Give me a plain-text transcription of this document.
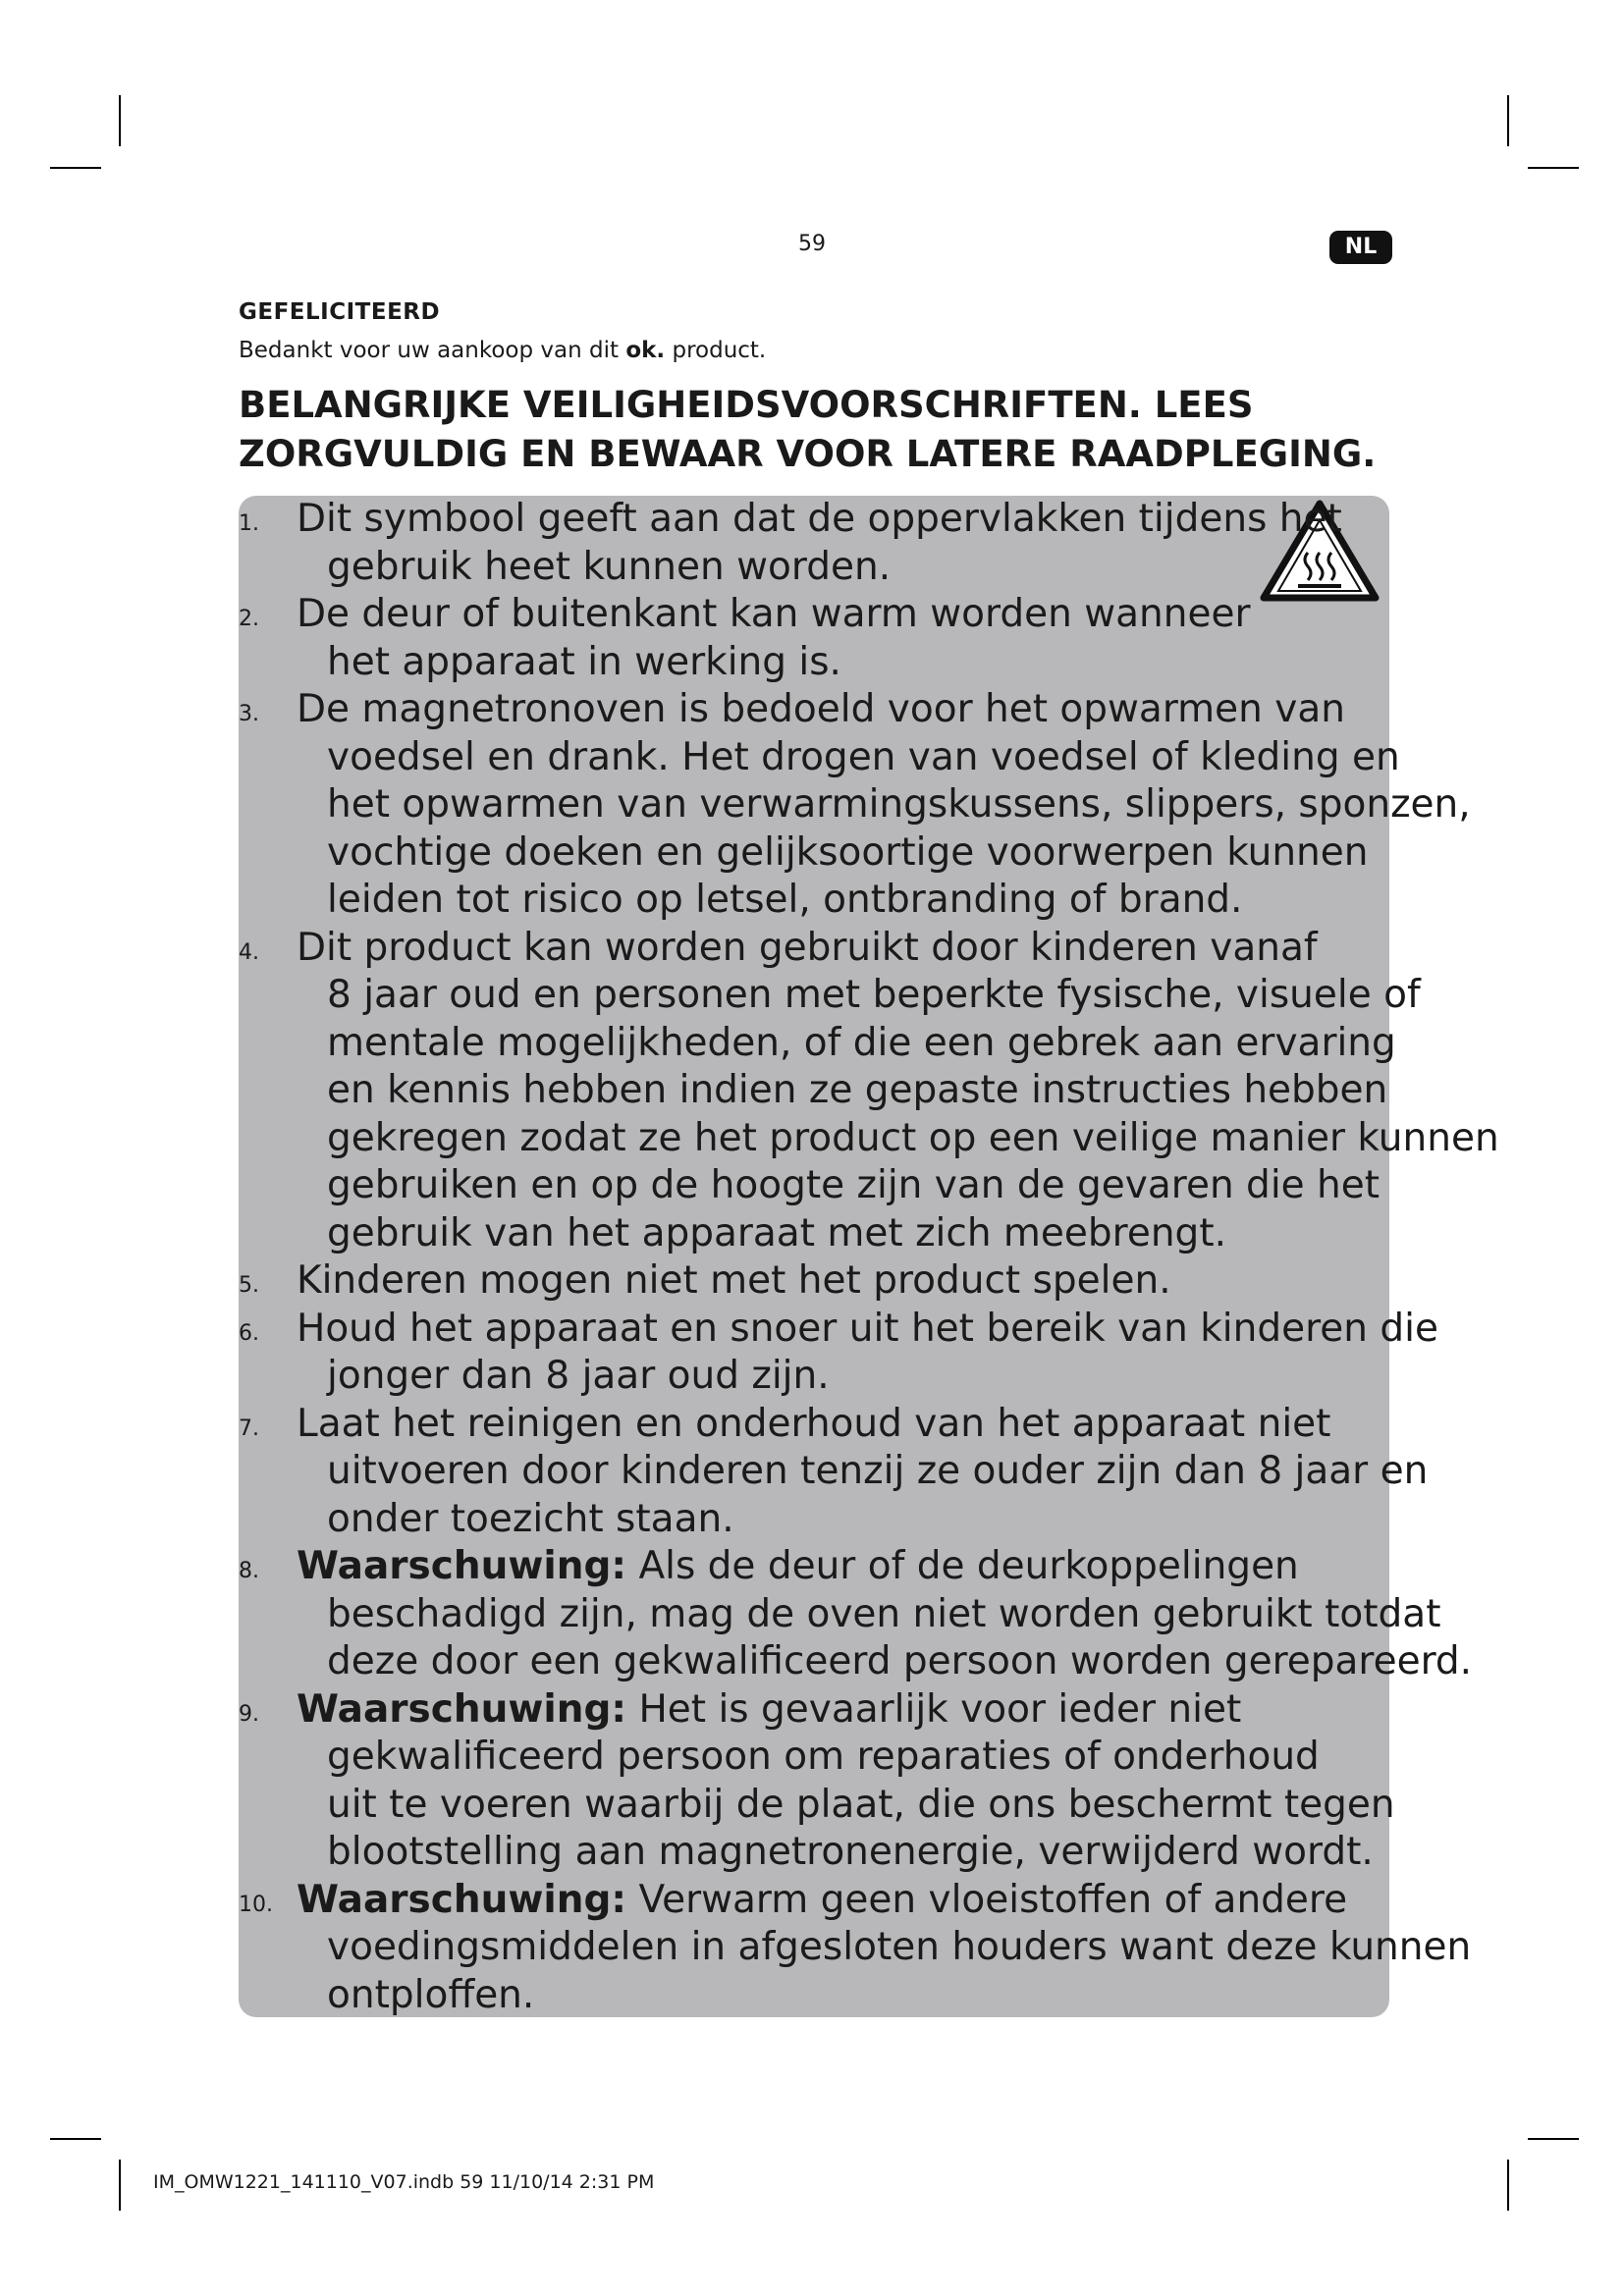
59	NL
GEFELICITEERD
Bedankt voor uw aankoop van dit ok. product.
BELANGRIJKE VEILIGHEIDSVOORSCHRIFTEN. LEES
ZORGVULDIG EN BEWAAR VOOR LATERE RAADPLEGING.
1. Dit symbool geeft aan dat de oppervlakken tijdens het
gebruik heet kunnen worden.
2. De deur of buitenkant kan warm worden wanneer
het apparaat in werking is.
3. De magnetronoven is bedoeld voor het opwarmen van
voedsel en drank. Het drogen van voedsel of kleding en
het opwarmen van verwarmingskussens, slippers, sponzen,
vochtige doeken en gelijksoortige voorwerpen kunnen
leiden tot risico op letsel, ontbranding of brand.
4. Dit product kan worden gebruikt door kinderen vanaf
8 jaar oud en personen met beperkte fysische, visuele of
mentale mogelijkheden, of die een gebrek aan ervaring
en kennis hebben indien ze gepaste instructies hebben
gekregen zodat ze het product op een veilige manier kunnen
gebruiken en op de hoogte zijn van de gevaren die het
gebruik van het apparaat met zich meebrengt.
5. Kinderen mogen niet met het product spelen.
6. Houd het apparaat en snoer uit het bereik van kinderen die
jonger dan 8 jaar oud zijn.
7. Laat het reinigen en onderhoud van het apparaat niet
uitvoeren door kinderen tenzij ze ouder zijn dan 8 jaar en
onder toezicht staan.
8. Waarschuwing: Als de deur of de deurkoppelingen
beschadigd zijn, mag de oven niet worden gebruikt totdat
deze door een gekwalificeerd persoon worden gerepareerd.
9. Waarschuwing: Het is gevaarlijk voor ieder niet
gekwalificeerd persoon om reparaties of onderhoud
uit te voeren waarbij de plaat, die ons beschermt tegen
blootstelling aan magnetronenergie, verwijderd wordt.
10. Waarschuwing: Verwarm geen vloeistoffen of andere
voedingsmiddelen in afgesloten houders want deze kunnen
ontploffen.
IM_OMW1221_141110_V07.indb 59 11/10/14 2:31 PM
